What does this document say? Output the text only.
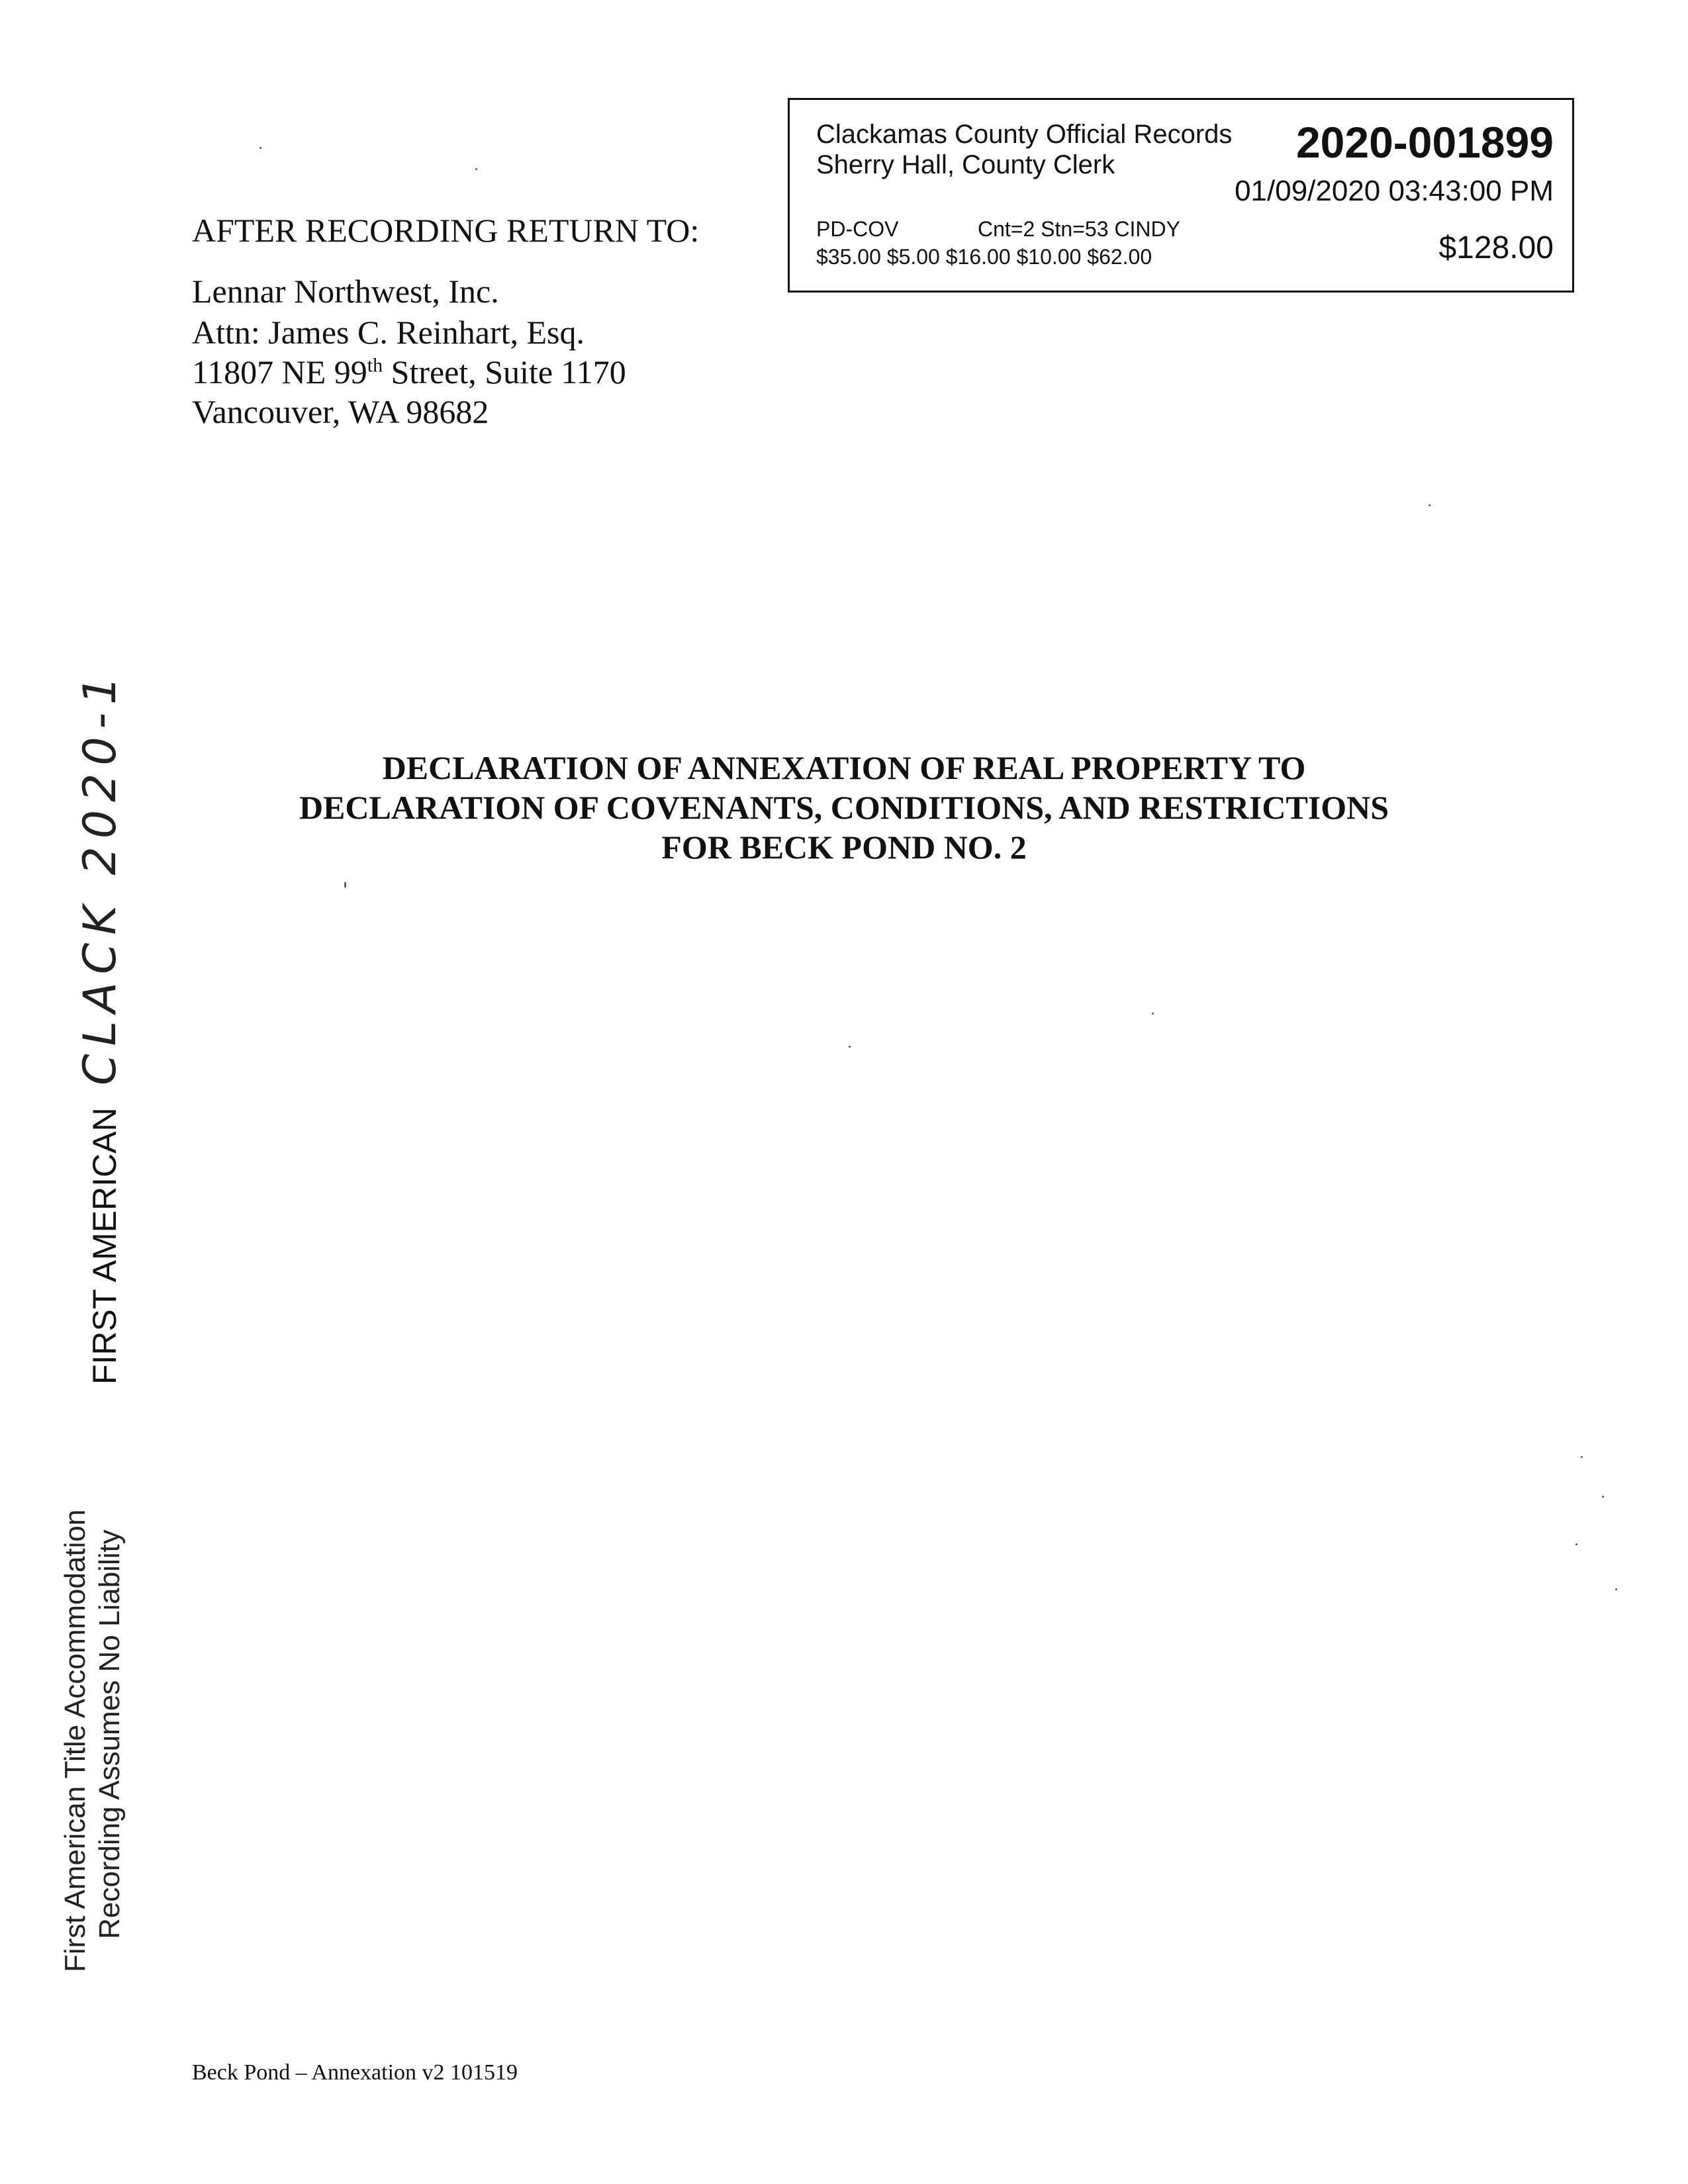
Clackamas County Official Records
Sherry Hall, County Clerk	2020-001899
01/09/2020 03:43:00 PM
PD-COV	Cnt=2 Stn=53 CINDY
$35.00 $5.00 $16.00 $10.00 $62.00	$128.00
AFTER RECORDING RETURN TO:
Lennar Northwest, Inc.
Attn: James C. Reinhart, Esq.
11807 NE 99th Street, Suite 1170
Vancouver, WA 98682
DECLARATION OF ANNEXATION OF REAL PROPERTY TO
DECLARATION OF COVENANTS, CONDITIONS, AND RESTRICTIONS
FOR BECK POND NO. 2
FIRST AMERICAN
CLACK 2020-1
First American Title Accommodation Recording Assumes No Liability
Beck Pond – Annexation v2 101519
